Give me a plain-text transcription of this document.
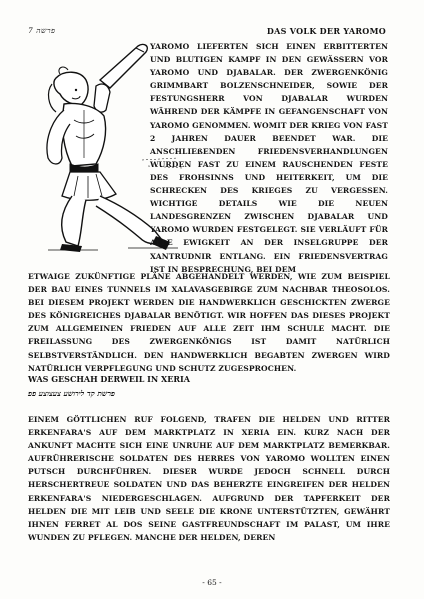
פרשה 7	DAS VOLK DER YAROMO
YAROMO LIEFERTEN SICH EINEN ERBITTERTEN UND BLUTIGEN KAMPF IN DEN GEWÄSSERN VOR YAROMO UND DJABALAR. DER ZWERGENKÖNIG GRIMMBART BOLZENSCHNEIDER, SOWIE DER FESTUNGSHERR VON DJABALAR WURDEN WÄHREND DER KÄMPFE IN GEFANGENSCHAFT VON YAROMO GENOMMEN. WOMIT DER KRIEG VON FAST 2 JAHREN DAUER BEENDET WAR. DIE ANSCHLIEßENDEN FRIEDENSVERHANDLUNGEN WURDEN FAST ZU EINEM RAUSCHENDEN FESTE DES FROHSINNS UND HEITERKEIT, UM DIE SCHRECKEN DES KRIEGES ZU VERGESSEN. WICHTIGE DETAILS WIE DIE NEUEN LANDESGRENZEN ZWISCHEN DJABALAR UND YAROMO WURDEN FESTGELEGT. SIE VERLÄUFT FÜR ALLE EWIGKEIT AN DER INSELGRUPPE DER XANTRUDNIR ENTLANG. EIN FRIEDENSVERTRAG IST IN BESPRECHUNG, BEI DEM
ETWAIGE ZUKÜNFTIGE PLÄNE ABGEHANDELT WERDEN, WIE ZUM BEISPIEL DER BAU EINES TUNNELS IM XALAVASGEBIRGE ZUM NACHBAR THEOSOLOS. BEI DIESEM PROJEKT WERDEN DIE HANDWERKLICH GESCHICKTEN ZWERGE DES KÖNIGREICHES DJABALAR BENÖTIGT. WIR HOFFEN DAS DIESES PROJEKT ZUM ALLGEMEINEN FRIEDEN AUF ALLE ZEIT IHM SCHULE MACHT. DIE FREILASSUNG DES ZWERGENKÖNIGS IST DAMIT NATÜRLICH SELBSTVERSTÄNDLICH. DEN HANDWERKLICH BEGABTEN ZWERGEN WIRD NATÜRLICH VERPFLEGUNG UND SCHUTZ ZUGESPROCHEN.
WAS GESCHAH DERWEIL IN XERIA
פרשת קד לירושע צעצוצע פפ
EINEM GÖTTLICHEN RUF FOLGEND, TRAFEN DIE HELDEN UND RITTER ERKENFARA'S AUF DEM MARKTPLATZ IN XERIA EIN. KURZ NACH DER ANKUNFT MACHTE SICH EINE UNRUHE AUF DEM MARKTPLATZ BEMERKBAR. AUFRÜHRERISCHE SOLDATEN DES HERRES VON YAROMO WOLLTEN EINEN PUTSCH DURCHFÜHREN. DIESER WURDE JEDOCH SCHNELL DURCH HERSCHERTREUE SOLDATEN UND DAS BEHERZTE EINGREIFEN DER HELDEN ERKENFARA'S NIEDERGESCHLAGEN. AUFGRUND DER TAPFERKEIT DER HELDEN DIE MIT LEIB UND SEELE DIE KRONE UNTERSTÜTZTEN, GEWÄHRT IHNEN FERRET AL DOS SEINE GASTFREUNDSCHAFT IM PALAST, UM IHRE WUNDEN ZU PFLEGEN. MANCHE DER HELDEN, DEREN
- 65 -
